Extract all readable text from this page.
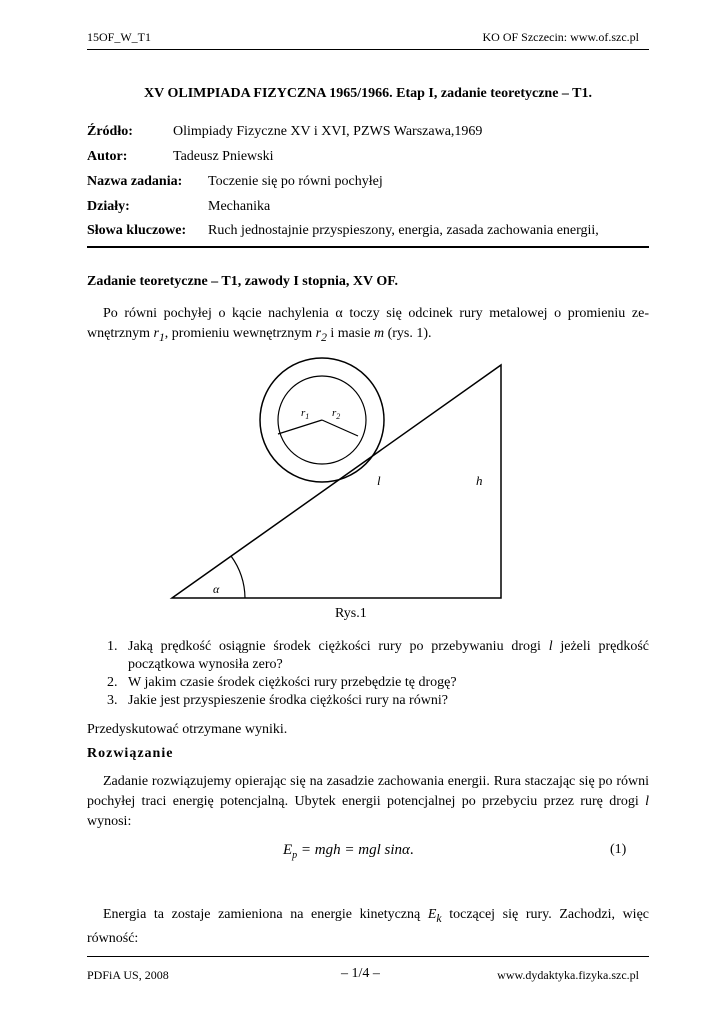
15OF_W_T1	KO OF Szczecin: www.of.szc.pl
XV OLIMPIADA FIZYCZNA 1965/1966. Etap I, zadanie teoretyczne – T1.
Źródło:	Olimpiady Fizyczne XV i XVI, PZWS Warszawa,1969
Autor:	Tadeusz Pniewski
Nazwa zadania: Toczenie się po równi pochyłej
Działy:	Mechanika
Słowa kluczowe: Ruch jednostajnie przyspieszony, energia, zasada zachowania energii,
Zadanie teoretyczne – T1, zawody I stopnia, XV OF.
Po równi pochyłej o kącie nachylenia α toczy się odcinek rury metalowej o promieniu ze-wnętrznym $r_1$, promieniu wewnętrznym $r_2$ i masie m (rys. 1).
$r_1$ $r_2$
l	h
α
Rys.1
1. Jaką prędkość osiągnie środek ciężkości rury po przebywaniu drogi l jeżeli prędkość początkowa wynosiła zero?
2. W jakim czasie środek ciężkości rury przebędzie tę drogę?
3. Jakie jest przyspieszenie środka ciężkości rury na równi?
Przedyskutować otrzymane wyniki.
Rozwiązanie
Zadanie rozwiązujemy opierając się na zasadzie zachowania energii. Rura staczając się po równi pochyłej traci energię potencjalną. Ubytek energii potencjalnej po przebyciu przez rurę drogi l wynosi:
$E_p$ = mgh = mgl sinα.	(1)
Energia ta zostaje zamieniona na energie kinetyczną $E_k$ toczącej się rury. Zachodzi, więc równość:
PDFiA US, 2008	– 1/4 –	www.dydaktyka.fizyka.szc.pl
